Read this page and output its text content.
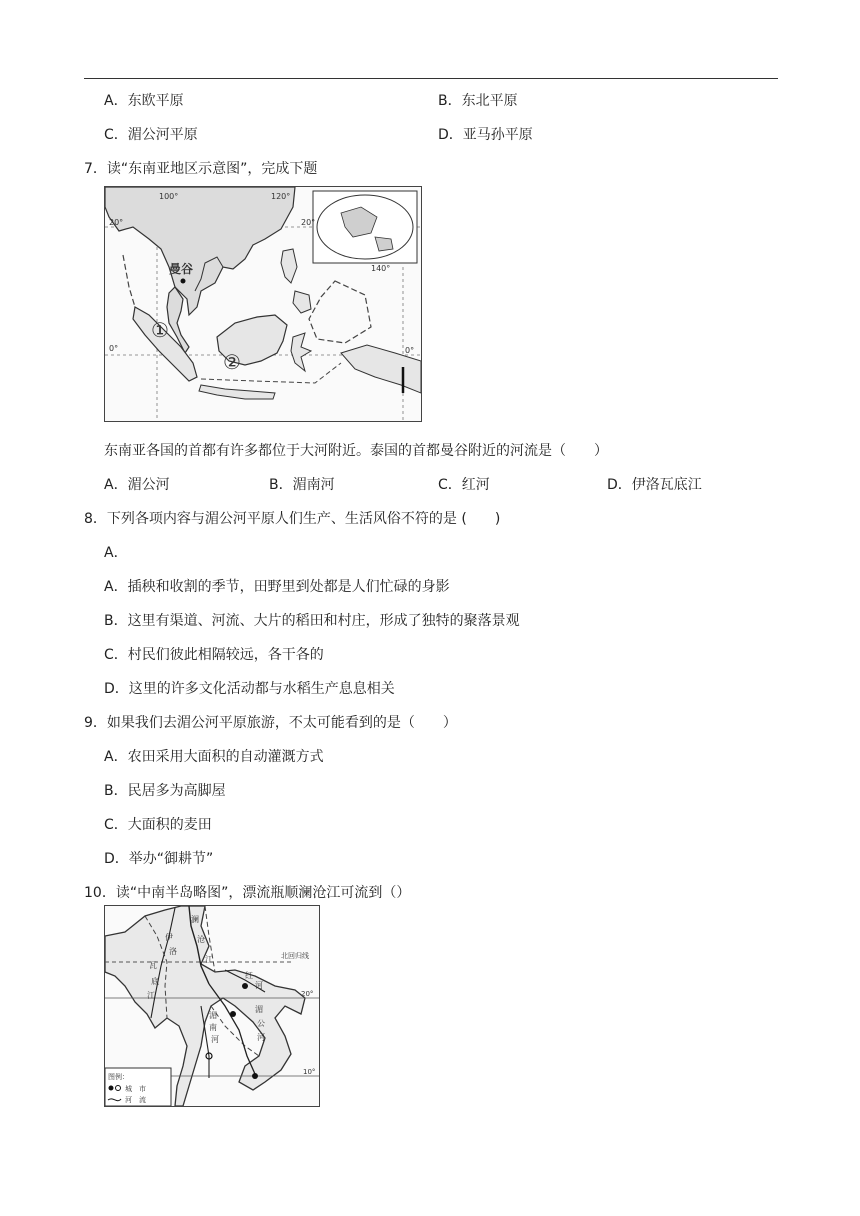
A．东欧平原	B．东北平原
C．湄公河平原	D．亚马孙平原
7．读“东南亚地区示意图”，完成下题
100°	120°
140°
20°
0°
20°
0°
曼谷
①
②
东南亚各国的首都有许多都位于大河附近。泰国的首都曼谷附近的河流是（　　）
A．湄公河	B．湄南河	C．红河	D．伊洛瓦底江
8．下列各项内容与湄公河平原人们生产、生活风俗不符的是 (　　)
A．
A．插秧和收割的季节，田野里到处都是人们忙碌的身影
B．这里有渠道、河流、大片的稻田和村庄，形成了独特的聚落景观
C．村民们彼此相隔较远，各干各的
D．这里的许多文化活动都与水稻生产息息相关
9．如果我们去湄公河平原旅游，不太可能看到的是（　　）
A．农田采用大面积的自动灌溉方式
B．民居多为高脚屋
C．大面积的麦田
D．举办“御耕节”
10．读“中南半岛略图”，漂流瓶顺澜沧江可流到（）
澜
沧
江
伊
洛
瓦
底
江
湄
南
河
湄
公
河
红
河
北回归线
20°
10°
图例：
城　市
河　流
